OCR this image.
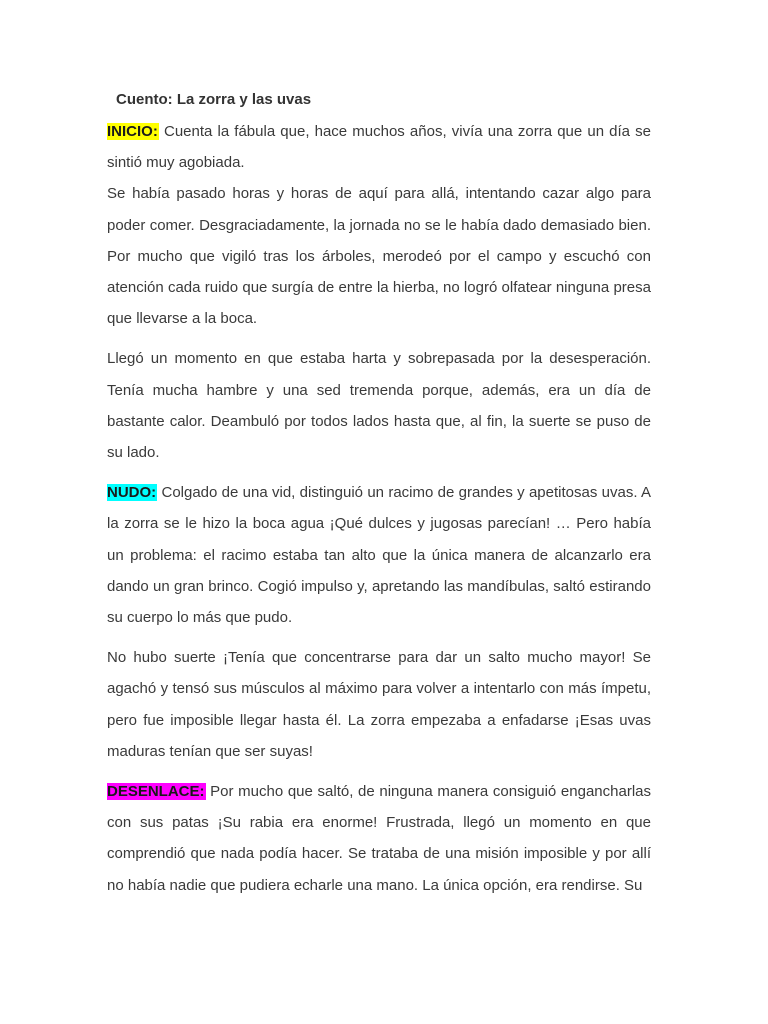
Cuento: La zorra y las uvas

INICIO: Cuenta la fábula que, hace muchos años, vivía una zorra que un día se sintió muy agobiada.

Se había pasado horas y horas de aquí para allá, intentando cazar algo para poder comer. Desgraciadamente, la jornada no se le había dado demasiado bien. Por mucho que vigiló tras los árboles, merodeó por el campo y escuchó con atención cada ruido que surgía de entre la hierba, no logró olfatear ninguna presa que llevarse a la boca.

Llegó un momento en que estaba harta y sobrepasada por la desesperación. Tenía mucha hambre y una sed tremenda porque, además, era un día de bastante calor. Deambuló por todos lados hasta que, al fin, la suerte se puso de su lado.

NUDO: Colgado de una vid, distinguió un racimo de grandes y apetitosas uvas. A la zorra se le hizo la boca agua ¡Qué dulces y jugosas parecían! … Pero había un problema: el racimo estaba tan alto que la única manera de alcanzarlo era dando un gran brinco. Cogió impulso y, apretando las mandíbulas, saltó estirando su cuerpo lo más que pudo.

No hubo suerte ¡Tenía que concentrarse para dar un salto mucho mayor! Se agachó y tensó sus músculos al máximo para volver a intentarlo con más ímpetu, pero fue imposible llegar hasta él. La zorra empezaba a enfadarse ¡Esas uvas maduras tenían que ser suyas!

DESENLACE: Por mucho que saltó, de ninguna manera consiguió engancharlas con sus patas ¡Su rabia era enorme! Frustrada, llegó un momento en que comprendió que nada podía hacer. Se trataba de una misión imposible y por allí no había nadie que pudiera echarle una mano. La única opción, era rendirse. Su
